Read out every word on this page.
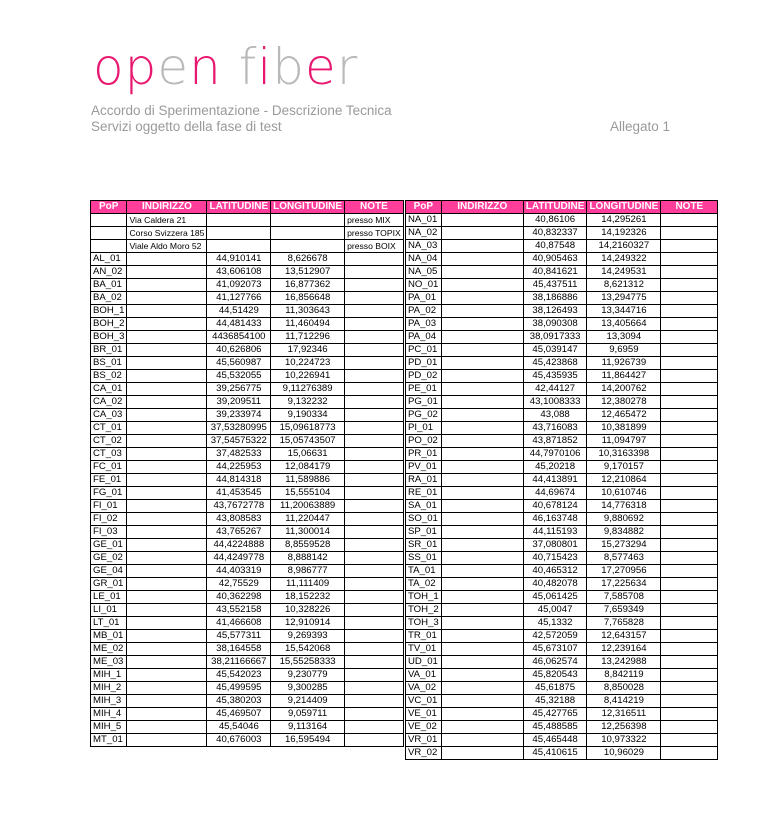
open fiber
Accordo di Sperimentazione - Descrizione Tecnica
Servizi oggetto della fase di test	Allegato 1
PoP	INDIRIZZO	LATITUDINE	LONGITUDINE	NOTE
	Via Caldera 21			presso MIX
	Corso Svizzera 185			presso TOPIX
	Viale Aldo Moro 52			presso BOIX
AL_01		44,910141	8,626678	
AN_02		43,606108	13,512907	
BA_01		41,092073	16,877362	
BA_02		41,127766	16,856648	
BOH_1		44,51429	11,303643	
BOH_2		44,481433	11,460494	
BOH_3		4436854100	11,712296	
BR_01		40,626806	17,92346	
BS_01		45,560987	10,224723	
BS_02		45,532055	10,226941	
CA_01		39,256775	9,11276389	
CA_02		39,209511	9,132232	
CA_03		39,233974	9,190334	
CT_01		37,53280995	15,09618773	
CT_02		37,54575322	15,05743507	
CT_03		37,482533	15,06631	
FC_01		44,225953	12,084179	
FE_01		44,814318	11,589886	
FG_01		41,453545	15,555104	
FI_01		43,7672778	11,20063889	
FI_02		43,808583	11,220447	
FI_03		43,765267	11,300014	
GE_01		44,4224888	8,8559528	
GE_02		44,4249778	8,888142	
GE_04		44,403319	8,986777	
GR_01		42,75529	11,111409	
LE_01		40,362298	18,152232	
LI_01		43,552158	10,328226	
LT_01		41,466608	12,910914	
MB_01		45,577311	9,269393	
ME_02		38,164558	15,542068	
ME_03		38,21166667	15,55258333	
MIH_1		45,542023	9,230779	
MIH_2		45,499595	9,300285	
MIH_3		45,380203	9,214409	
MIH_4		45,469507	9,059711	
MIH_5		45,54046	9,113164	
MT_01		40,676003	16,595494	
PoP	INDIRIZZO	LATITUDINE	LONGITUDINE	NOTE
NA_01		40,86106	14,295261	
NA_02		40,832337	14,192326	
NA_03		40,87548	14,2160327	
NA_04		40,905463	14,249322	
NA_05		40,841621	14,249531	
NO_01		45,437511	8,621312	
PA_01		38,186886	13,294775	
PA_02		38,126493	13,344716	
PA_03		38,090308	13,405664	
PA_04		38,0917333	13,3094	
PC_01		45,039147	9,6959	
PD_01		45,423868	11,926739	
PD_02		45,435935	11,864427	
PE_01		42,44127	14,200762	
PG_01		43,1008333	12,380278	
PG_02		43,088	12,465472	
PI_01		43,716083	10,381899	
PO_02		43,871852	11,094797	
PR_01		44,7970106	10,3163398	
PV_01		45,20218	9,170157	
RA_01		44,413891	12,210864	
RE_01		44,69674	10,610746	
SA_01		40,678124	14,776318	
SO_01		46,163748	9,880692	
SP_01		44,115193	9,834882	
SR_01		37,080801	15,273294	
SS_01		40,715423	8,577463	
TA_01		40,465312	17,270956	
TA_02		40,482078	17,225634	
TOH_1		45,061425	7,585708	
TOH_2		45,0047	7,659349	
TOH_3		45,1332	7,765828	
TR_01		42,572059	12,643157	
TV_01		45,673107	12,239164	
UD_01		46,062574	13,242988	
VA_01		45,820543	8,842119	
VA_02		45,61875	8,850028	
VC_01		45,32188	8,414219	
VE_01		45,427765	12,316511	
VE_02		45,488585	12,256398	
VR_01		45,465448	10,973322	
VR_02		45,410615	10,96029	
